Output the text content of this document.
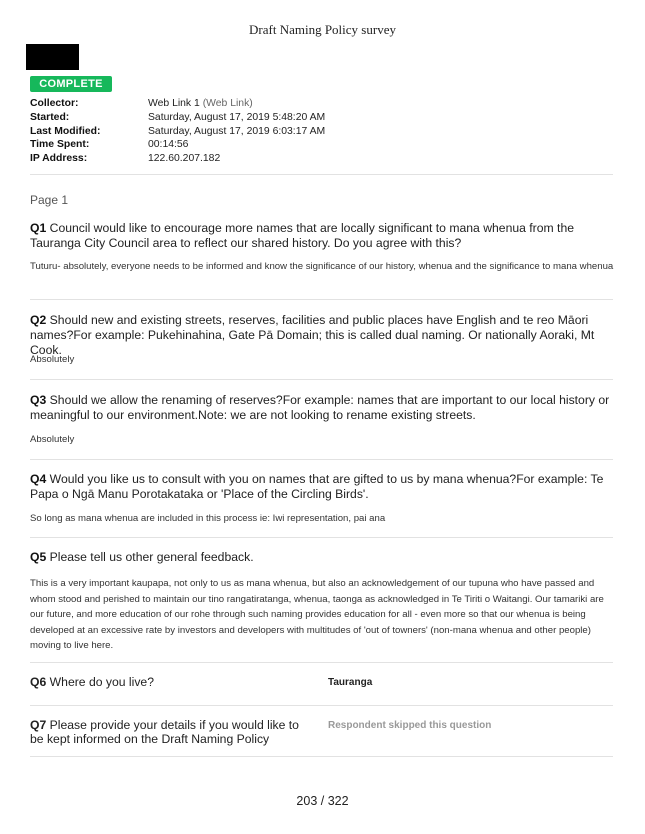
Draft Naming Policy survey
COMPLETE
Collector:	Web Link 1 (Web Link)
Started:	Saturday, August 17, 2019 5:48:20 AM
Last Modified:	Saturday, August 17, 2019 6:03:17 AM
Time Spent:	00:14:56
IP Address:	122.60.207.182
Page 1
Q1 Council would like to encourage more names that are locally significant to mana whenua from the Tauranga City Council area to reflect our shared history. Do you agree with this?
Tuturu- absolutely, everyone needs to be informed and know the significance of our history, whenua and the significance to mana whenua
Q2 Should new and existing streets, reserves, facilities and public places have English and te reo Māori names?For example: Pukehinahina, Gate Pā Domain; this is called dual naming. Or nationally Aoraki, Mt Cook.
Absolutely
Q3 Should we allow the renaming of reserves?For example: names that are important to our local history or meaningful to our environment.Note: we are not looking to rename existing streets.
Absolutely
Q4 Would you like us to consult with you on names that are gifted to us by mana whenua?For example: Te Papa o Ngā Manu Porotakataka or 'Place of the Circling Birds'.
So long as mana whenua are included in this process ie: Iwi representation, pai ana
Q5 Please tell us other general feedback.
This is a very important kaupapa, not only to us as mana whenua, but also an acknowledgement of our tupuna who have passed and whom stood and perished to maintain our tino rangatiratanga, whenua, taonga as acknowledged in Te Tiriti o Waitangi. Our tamariki are our future, and more education of our rohe through such naming provides education for all - even more so that our whenua is being developed at an excessive rate by investors and developers with multitudes of 'out of towners' (non-mana whenua and other people) moving to live here.
Q6 Where do you live?	Tauranga
Q7 Please provide your details if you would like to be kept informed on the Draft Naming Policy
Respondent skipped this question
203 / 322
